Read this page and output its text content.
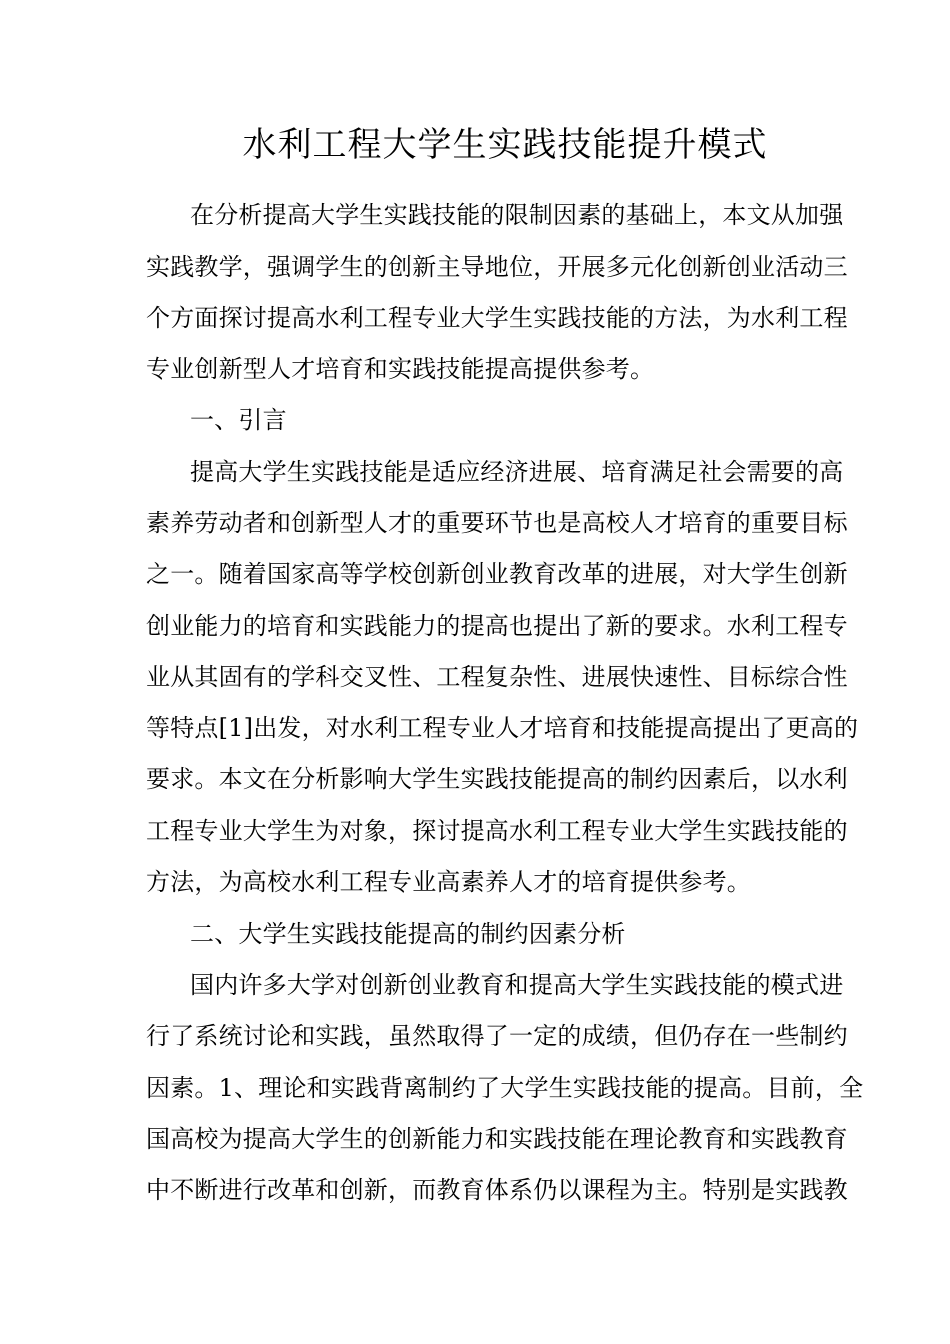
水利工程大学生实践技能提升模式
在分析提高大学生实践技能的限制因素的基础上，本文从加强
实践教学，强调学生的创新主导地位，开展多元化创新创业活动三
个方面探讨提高水利工程专业大学生实践技能的方法，为水利工程
专业创新型人才培育和实践技能提高提供参考。
一、引言
提高大学生实践技能是适应经济进展、培育满足社会需要的高
素养劳动者和创新型人才的重要环节也是高校人才培育的重要目标
之一。随着国家高等学校创新创业教育改革的进展，对大学生创新
创业能力的培育和实践能力的提高也提出了新的要求。水利工程专
业从其固有的学科交叉性、工程复杂性、进展快速性、目标综合性
等特点[1]出发，对水利工程专业人才培育和技能提高提出了更高的
要求。本文在分析影响大学生实践技能提高的制约因素后，以水利
工程专业大学生为对象，探讨提高水利工程专业大学生实践技能的
方法，为高校水利工程专业高素养人才的培育提供参考。
二、大学生实践技能提高的制约因素分析
国内许多大学对创新创业教育和提高大学生实践技能的模式进
行了系统讨论和实践，虽然取得了一定的成绩，但仍存在一些制约
因素。1、理论和实践背离制约了大学生实践技能的提高。目前，全
国高校为提高大学生的创新能力和实践技能在理论教育和实践教育
中不断进行改革和创新，而教育体系仍以课程为主。特别是实践教
